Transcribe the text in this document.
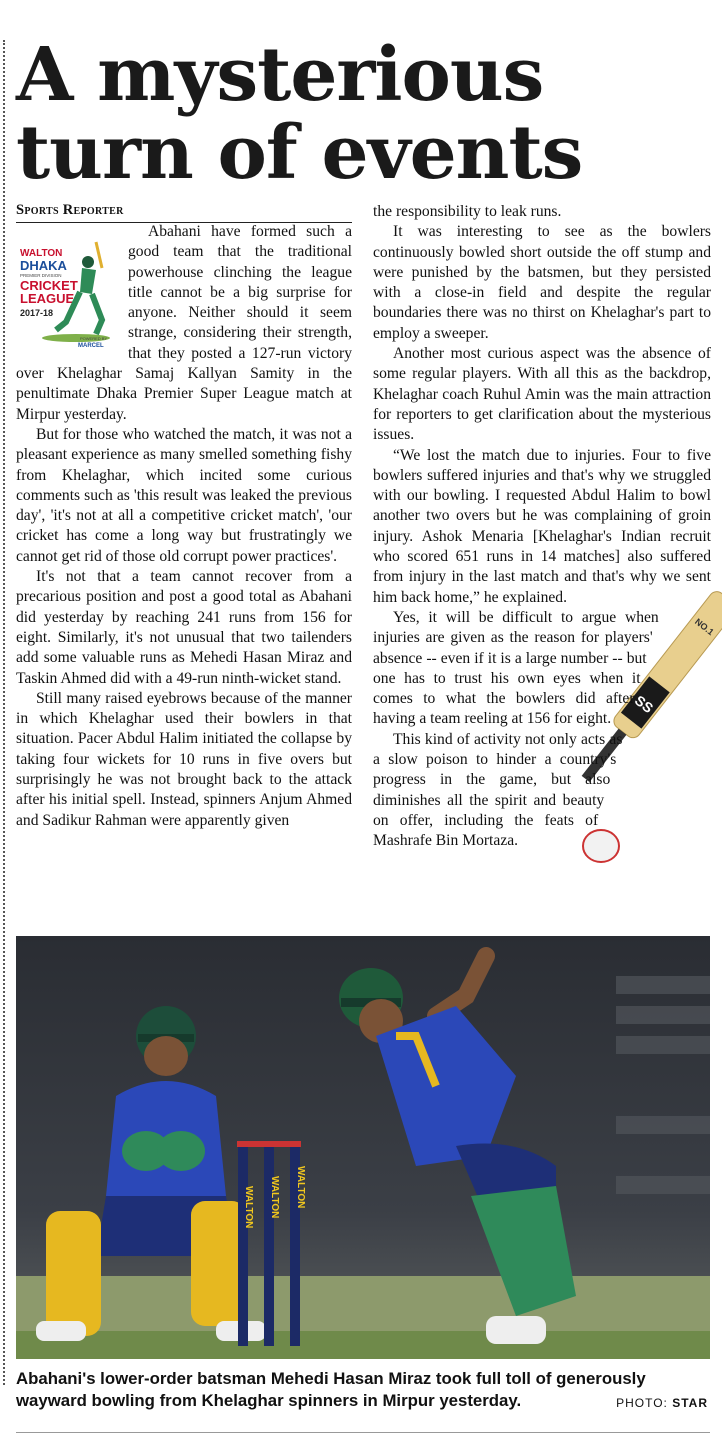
A mysterious turn of events
Sports Reporter
WALTON
DHAKA
PREMIER DIVISION
CRICKET
LEAGUE
2017-18
POWERED BY
MARCEL

Abahani have formed such a good team that the traditional powerhouse clinching the league title cannot be a big surprise for anyone. Neither should it seem strange, considering their strength, that they posted a 127-run victory over Khelaghar Samaj Kallyan Samity in the penultimate Dhaka Premier Super League match at Mirpur yesterday.

But for those who watched the match, it was not a pleasant experience as many smelled something fishy from Khelaghar, which incited some curious comments such as 'this result was leaked the previous day', 'it's not at all a competitive cricket match', 'our cricket has come a long way but frustratingly we cannot get rid of those old corrupt power practices'.

It's not that a team cannot recover from a precarious position and post a good total as Abahani did yesterday by reaching 241 runs from 156 for eight. Similarly, it's not unusual that two tailenders add some valuable runs as Mehedi Hasan Miraz and Taskin Ahmed did with a 49-run ninth-wicket stand.

Still many raised eyebrows because of the manner in which Khelaghar used their bowlers in that situation. Pacer Abdul Halim initiated the collapse by taking four wickets for 10 runs in five overs but surprisingly he was not brought back to the attack after his initial spell. Instead, spinners Anjum Ahmed and Sadikur Rahman were apparently given

the responsibility to leak runs.

It was interesting to see as the bowlers continuously bowled short outside the off stump and were punished by the batsmen, but they persisted with a close-in field and despite the regular boundaries there was no thirst on Khelaghar's part to employ a sweeper.

Another most curious aspect was the absence of some regular players. With all this as the backdrop, Khelaghar coach Ruhul Amin was the main attraction for reporters to get clarification about the mysterious issues.

“We lost the match due to injuries. Four to five bowlers suffered injuries and that's why we struggled with our bowling. I requested Abdul Halim to bowl another two overs but he was complaining of groin injury. Ashok Menaria [Khelaghar's Indian recruit who scored 651 runs in 14 matches] also suffered from injury in the last match and that's why we sent him back home,” he explained.

NO.1
SS

Yes, it will be difficult to argue when injuries are given as the reason for players' absence -- even if it is a large number -- but one has to trust his own eyes when it comes to what the bowlers did after having a team reeling at 156 for eight.

This kind of activity not only acts as a slow poison to hinder a country's progress in the game, but also diminishes all the spirit and beauty on offer, including the feats of Mashrafe Bin Mortaza.

WALTON WALTON WALTON
Abahani's lower-order batsman Mehedi Hasan Miraz took full toll of generously wayward bowling from Khelaghar spinners in Mirpur yesterday.	PHOTO: STAR
